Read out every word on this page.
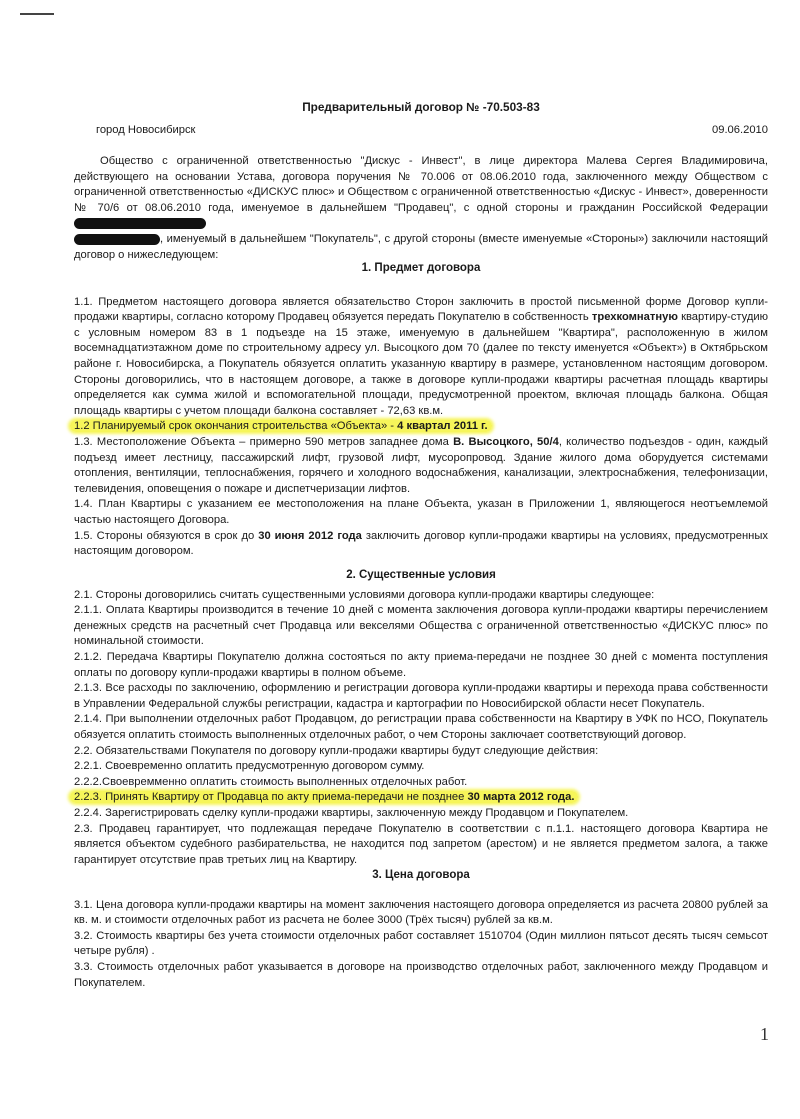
Предварительный договор № -70.503-83
город Новосибирск	09.06.2010

Общество с ограниченной ответственностью "Дискус - Инвест", в лице директора Малева Сергея Владимировича, действующего на основании Устава, договора поручения № 70.006 от 08.06.2010 года, заключенного между Обществом с ограниченной ответственностью «ДИСКУС плюс» и Обществом с ограниченной ответственностью «Дискус - Инвест», доверенности № 70/6 от 08.06.2010 года, именуемое в дальнейшем "Продавец", с одной стороны и гражданин Российской Федерации
, именуемый в дальнейшем "Покупатель", с другой стороны (вместе именуемые «Стороны») заключили настоящий договор о нижеследующем:

1. Предмет договора

1.1. Предметом настоящего договора является обязательство Сторон заключить в простой письменной форме Договор купли-продажи квартиры, согласно которому Продавец обязуется передать Покупателю в собственность трехкомнатную квартиру-студию с условным номером 83 в 1 подъезде на 15 этаже, именуемую в дальнейшем "Квартира", расположенную в жилом восемнадцатиэтажном доме по строительному адресу ул. Высоцкого дом 70 (далее по тексту именуется «Объект») в Октябрьском районе г. Новосибирска, а Покупатель обязуется оплатить указанную квартиру в размере, установленном настоящим договором. Стороны договорились, что в настоящем договоре, а также в договоре купли-продажи квартиры расчетная площадь квартиры определяется как сумма жилой и вспомогательной площади, предусмотренной проектом, включая площадь балкона. Общая площадь квартиры с учетом площади балкона составляет - 72,63 кв.м.

1.2 Планируемый срок окончания строительства «Объекта» - 4 квартал 2011 г.

1.3. Местоположение Объекта – примерно 590 метров западнее дома В. Высоцкого, 50/4, количество подъездов - один, каждый подъезд имеет лестницу, пассажирский лифт, грузовой лифт, мусоропровод. Здание жилого дома оборудуется системами отопления, вентиляции, теплоснабжения, горячего и холодного водоснабжения, канализации, электроснабжения, телефонизации, телевидения, оповещения о пожаре и диспетчеризации лифтов.

1.4. План Квартиры с указанием ее местоположения на плане Объекта, указан в Приложении 1, являющегося неотъемлемой частью настоящего Договора.

1.5. Стороны обязуются в срок до 30 июня 2012 года заключить договор купли-продажи квартиры на условиях, предусмотренных настоящим договором.

2. Существенные условия

2.1. Стороны договорились считать существенными условиями договора купли-продажи квартиры следующее:

2.1.1. Оплата Квартиры производится в течение 10 дней с момента заключения договора купли-продажи квартиры перечислением денежных средств на расчетный счет Продавца или векселями Общества с ограниченной ответственностью «ДИСКУС плюс» по номинальной стоимости.

2.1.2. Передача Квартиры Покупателю должна состояться по акту приема-передачи не позднее 30 дней с момента поступления оплаты по договору купли-продажи квартиры в полном объеме.

2.1.3. Все расходы по заключению, оформлению и регистрации договора купли-продажи квартиры и перехода права собственности в Управлении Федеральной службы регистрации, кадастра и картографии по Новосибирской области несет Покупатель.

2.1.4. При выполнении отделочных работ Продавцом, до регистрации права собственности на Квартиру в УФК по НСО, Покупатель обязуется оплатить стоимость выполненных отделочных работ, о чем Стороны заключает соответствующий договор.

2.2. Обязательствами Покупателя по договору купли-продажи квартиры будут следующие действия:

2.2.1. Своевременно оплатить предусмотренную договором сумму.

2.2.2.Своевремменно оплатить стоимость выполненных отделочных работ.

2.2.3. Принять Квартиру от Продавца по акту приема-передачи не позднее 30 марта 2012 года.

2.2.4. Зарегистрировать сделку купли-продажи квартиры, заключенную между Продавцом и Покупателем.

2.3. Продавец гарантирует, что подлежащая передаче Покупателю в соответствии с п.1.1. настоящего договора Квартира не является объектом судебного разбирательства, не находится под запретом (арестом) и не является предметом залога, а также гарантирует отсутствие прав третьих лиц на Квартиру.

3. Цена договора

3.1. Цена договора купли-продажи квартиры на момент заключения настоящего договора определяется из расчета 20800 рублей за кв. м. и стоимости отделочных работ из расчета не более 3000 (Трёх тысяч) рублей за кв.м.

3.2. Стоимость квартиры без учета стоимости отделочных работ составляет 1510704 (Один миллион пятьсот десять тысяч семьсот четыре рубля) .

3.3. Стоимость отделочных работ указывается в договоре на производство отделочных работ, заключенного между Продавцом и Покупателем.

1
